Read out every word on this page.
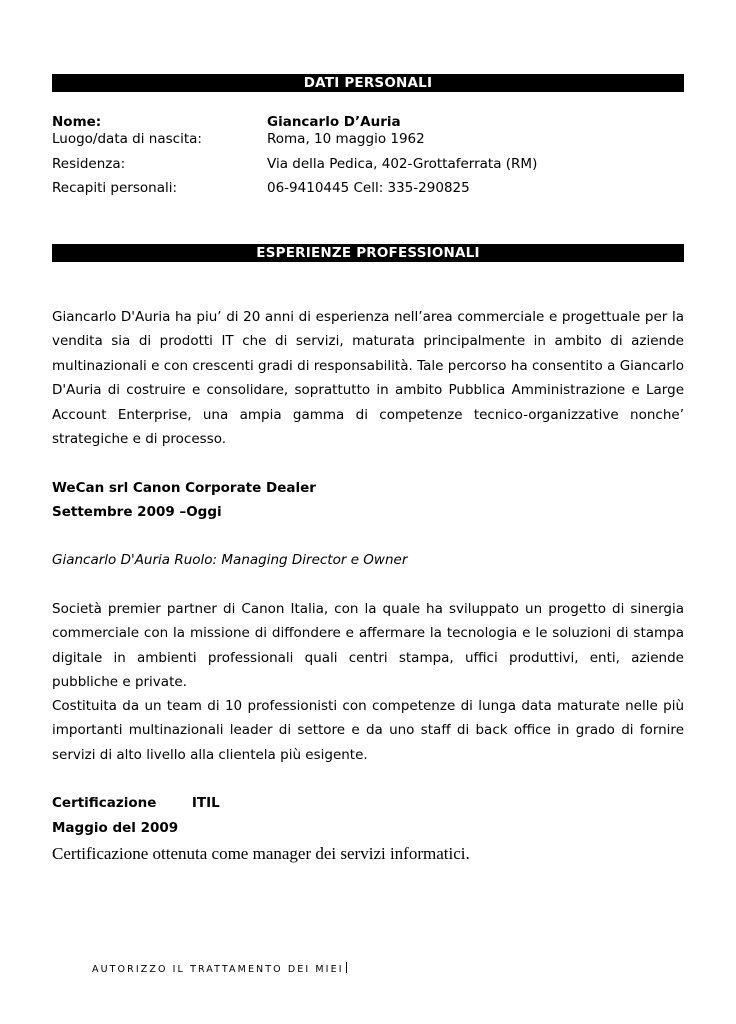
DATI PERSONALI
Nome:	Giancarlo D’Auria
Luogo/data di nascita:	Roma, 10 maggio 1962
Residenza:	Via della Pedica, 402-Grottaferrata (RM)
Recapiti personali:	06-9410445 Cell: 335-290825
ESPERIENZE PROFESSIONALI
Giancarlo D'Auria ha piu’ di 20 anni di esperienza nell’area commerciale e progettuale per la vendita sia di prodotti IT che di servizi, maturata principalmente in ambito di aziende multinazionali e con crescenti gradi di responsabilità. Tale percorso ha consentito a Giancarlo D'Auria di costruire e consolidare, soprattutto in ambito Pubblica Amministrazione e Large Account Enterprise, una ampia gamma di competenze tecnico-organizzative nonche’ strategiche e di processo.
WeCan srl Canon Corporate Dealer
Settembre 2009 –Oggi
Giancarlo D'Auria Ruolo: Managing Director e Owner
Società premier partner di Canon Italia, con la quale ha sviluppato un progetto di sinergia commerciale con la missione di diffondere e affermare la tecnologia e le soluzioni di stampa digitale in ambienti professionali quali centri stampa, uffici produttivi, enti, aziende pubbliche e private.
Costituita da un team di 10 professionisti con competenze di lunga data maturate nelle più importanti multinazionali leader di settore e da uno staff di back office in grado di fornire servizi di alto livello alla clientela più esigente.
Certificazione	ITIL
Maggio del 2009
Certificazione ottenuta come manager dei servizi informatici.
AUTORIZZO IL TRATTAMENTO DEI MIEI
